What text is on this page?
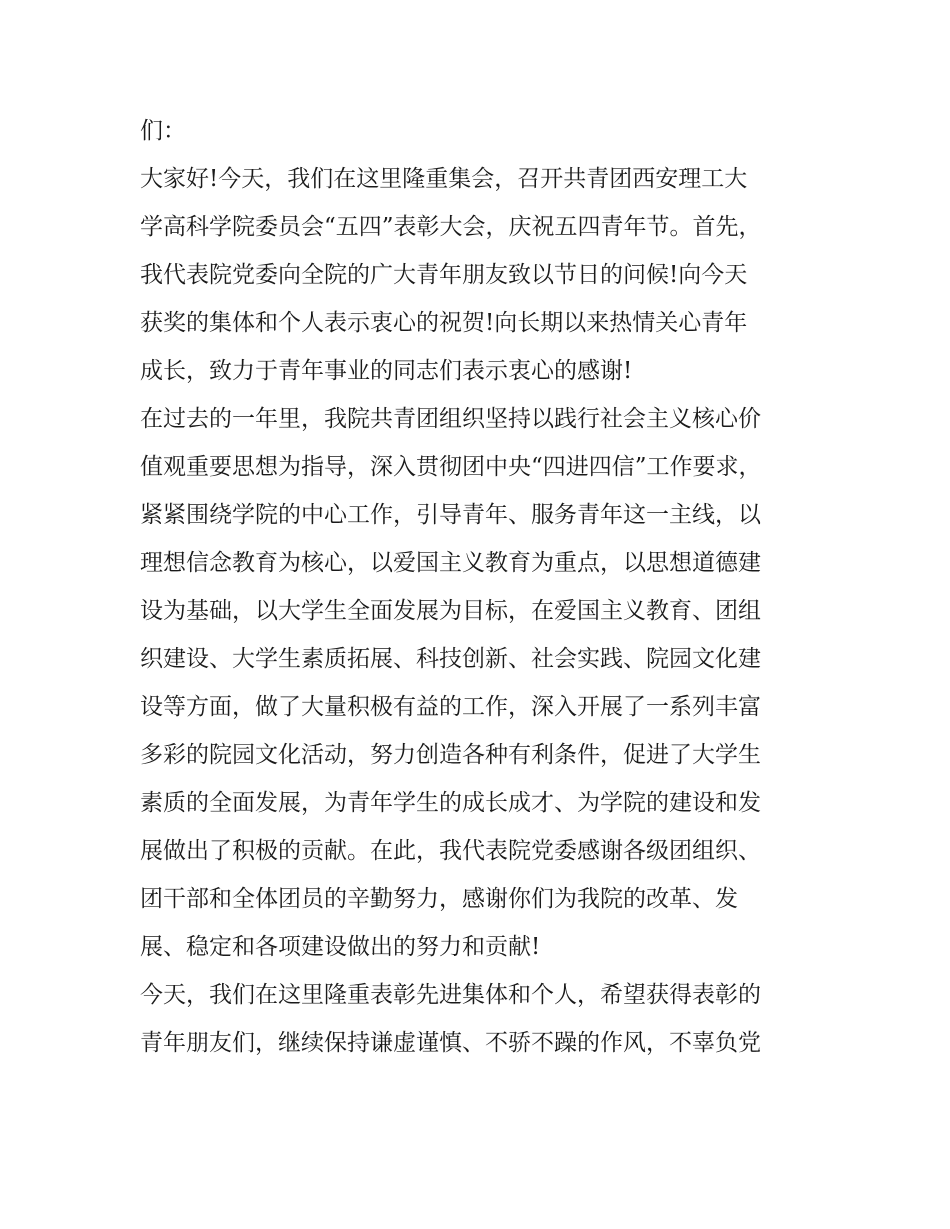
们：
大家好!今天，我们在这里隆重集会，召开共青团西安理工大
学高科学院委员会“五四”表彰大会，庆祝五四青年节。首先，
我代表院党委向全院的广大青年朋友致以节日的问候!向今天
获奖的集体和个人表示衷心的祝贺!向长期以来热情关心青年
成长，致力于青年事业的同志们表示衷心的感谢!
在过去的一年里，我院共青团组织坚持以践行社会主义核心价
值观重要思想为指导，深入贯彻团中央“四进四信”工作要求，
紧紧围绕学院的中心工作，引导青年、服务青年这一主线，以
理想信念教育为核心，以爱国主义教育为重点，以思想道德建
设为基础，以大学生全面发展为目标，在爱国主义教育、团组
织建设、大学生素质拓展、科技创新、社会实践、院园文化建
设等方面，做了大量积极有益的工作，深入开展了一系列丰富
多彩的院园文化活动，努力创造各种有利条件，促进了大学生
素质的全面发展，为青年学生的成长成才、为学院的建设和发
展做出了积极的贡献。在此，我代表院党委感谢各级团组织、
团干部和全体团员的辛勤努力，感谢你们为我院的改革、发
展、稳定和各项建设做出的努力和贡献!
今天，我们在这里隆重表彰先进集体和个人，希望获得表彰的
青年朋友们，继续保持谦虚谨慎、不骄不躁的作风，不辜负党
